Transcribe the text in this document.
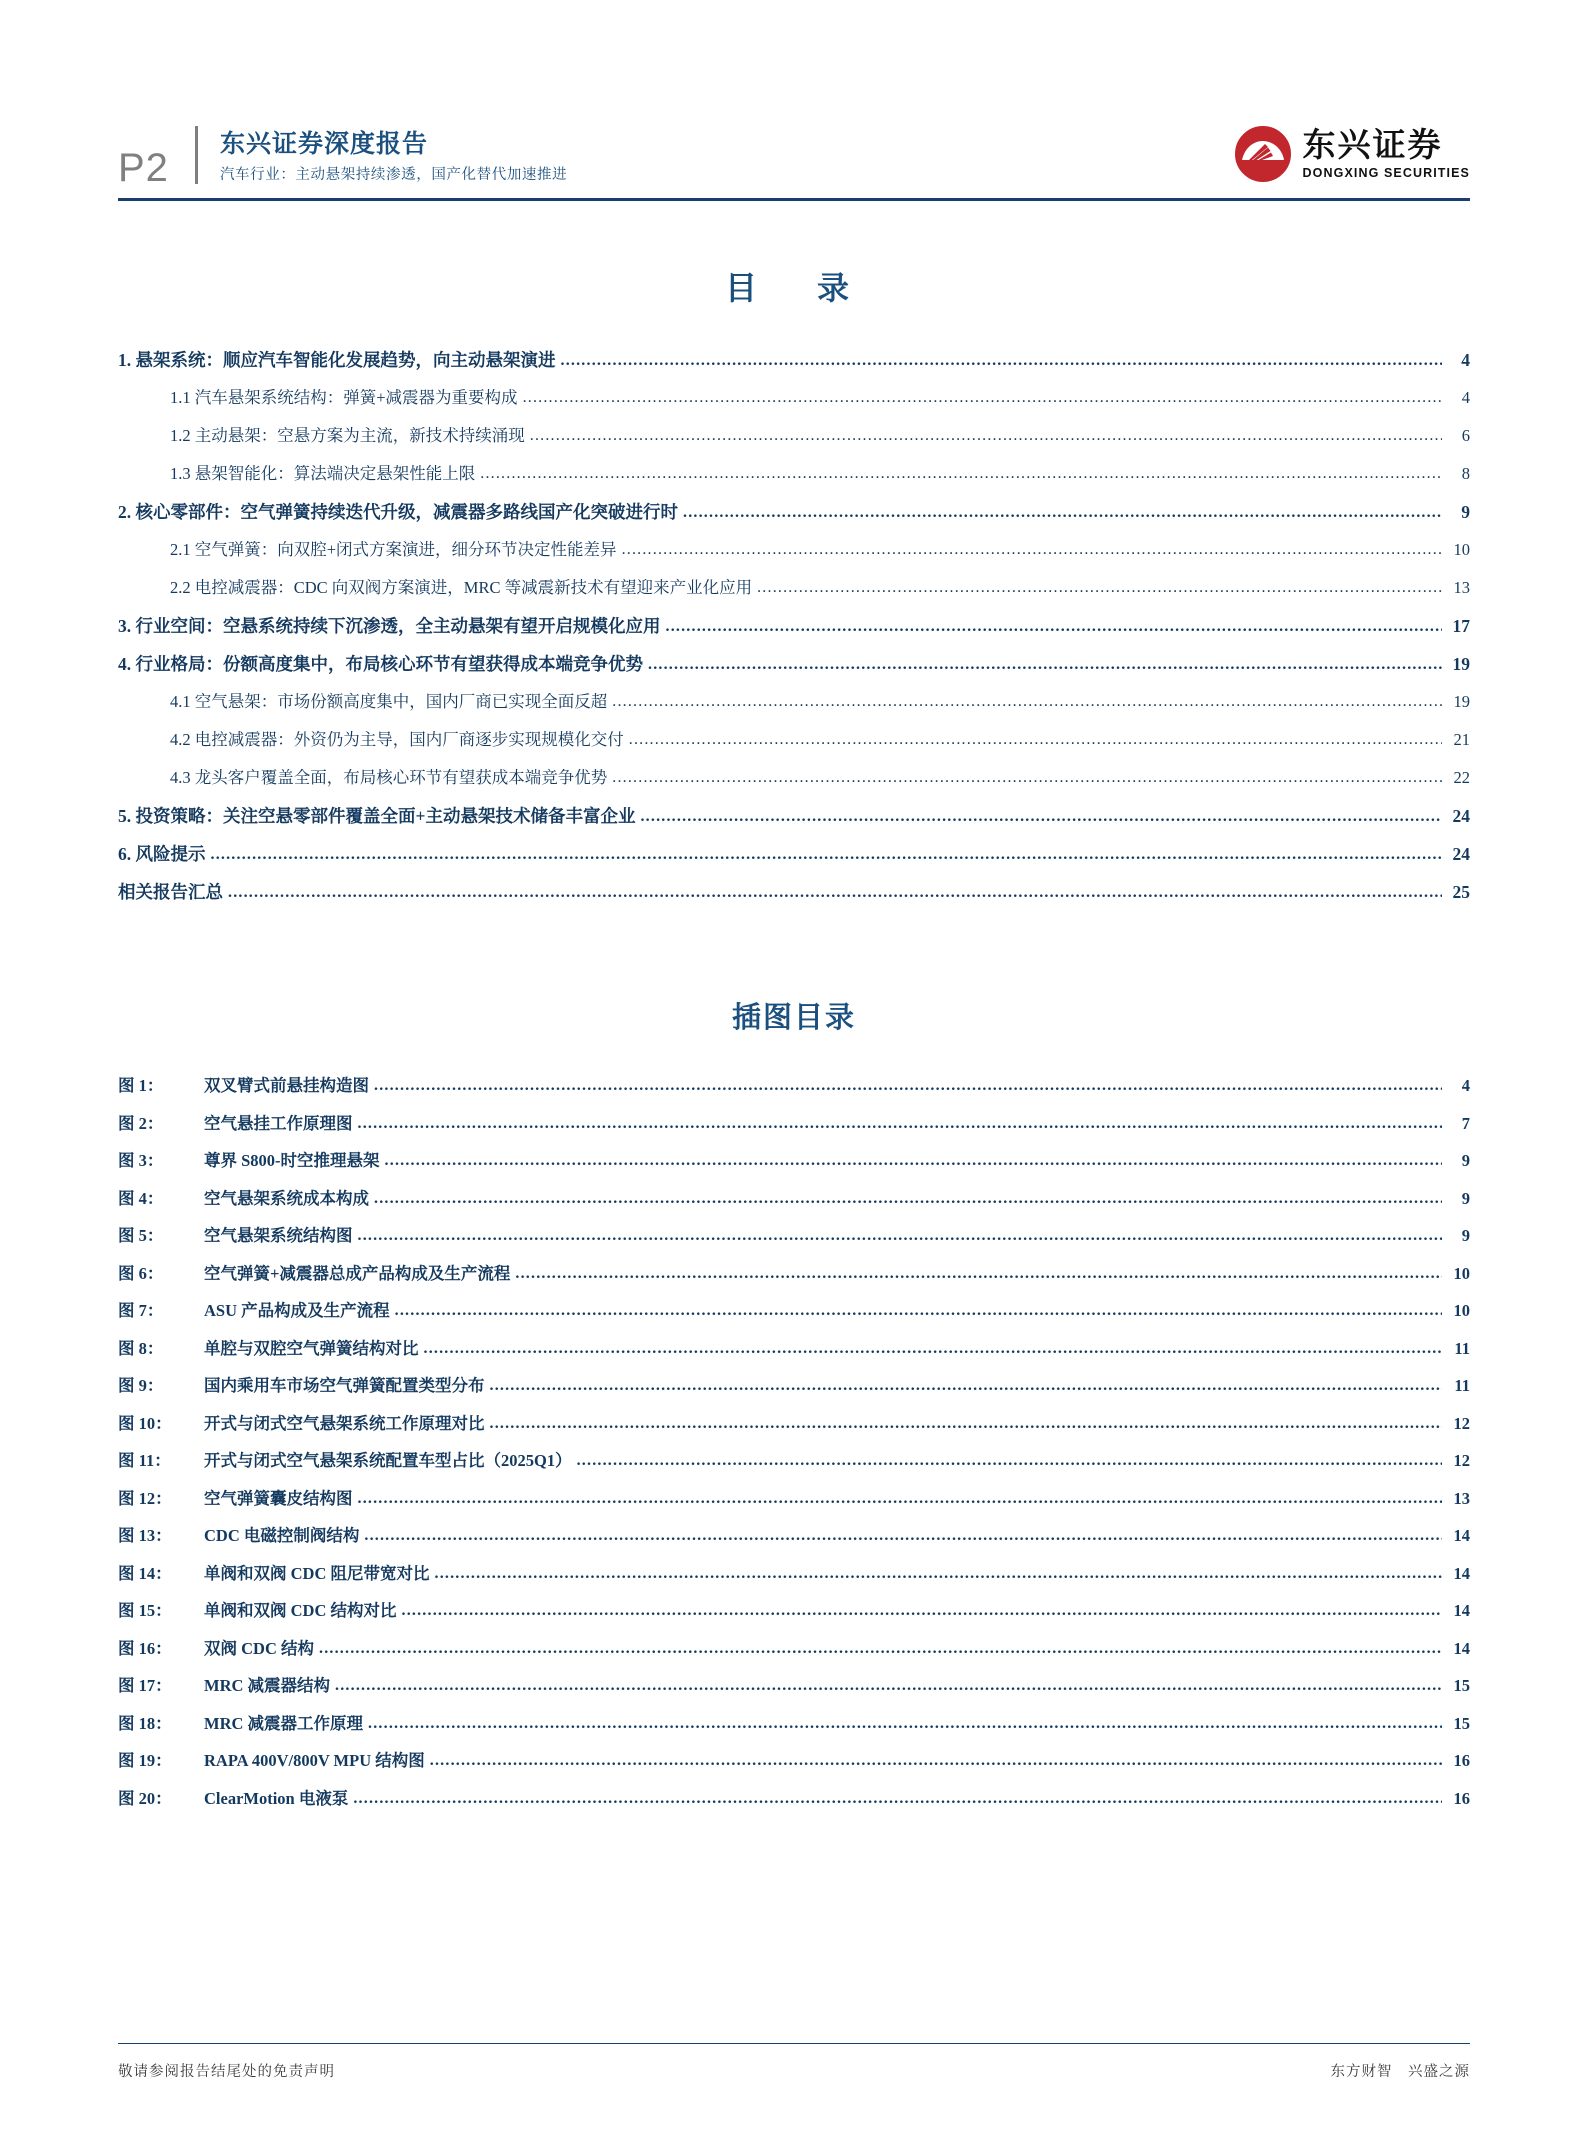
P2
东兴证券深度报告
汽车行业：主动悬架持续渗透，国产化替代加速推进
东兴证券
DONGXING SECURITIES
目　录
1. 悬架系统：顺应汽车智能化发展趋势，向主动悬架演进 .....	4
1.1 汽车悬架系统结构：弹簧+减震器为重要构成 .....	4
1.2 主动悬架：空悬方案为主流，新技术持续涌现 .....	6
1.3 悬架智能化：算法端决定悬架性能上限 .....	8
2. 核心零部件：空气弹簧持续迭代升级，减震器多路线国产化突破进行时 .....	9
2.1 空气弹簧：向双腔+闭式方案演进，细分环节决定性能差异 .....	10
2.2 电控减震器：CDC 向双阀方案演进，MRC 等减震新技术有望迎来产业化应用 .....	13
3. 行业空间：空悬系统持续下沉渗透，全主动悬架有望开启规模化应用 .....	17
4. 行业格局：份额高度集中，布局核心环节有望获得成本端竞争优势 .....	19
4.1 空气悬架：市场份额高度集中，国内厂商已实现全面反超 .....	19
4.2 电控减震器：外资仍为主导，国内厂商逐步实现规模化交付 .....	21
4.3 龙头客户覆盖全面，布局核心环节有望获成本端竞争优势 .....	22
5. 投资策略：关注空悬零部件覆盖全面+主动悬架技术储备丰富企业 .....	24
6. 风险提示 .....	24
相关报告汇总 .....	25
插图目录
图 1：	双叉臂式前悬挂构造图 .....	4
图 2：	空气悬挂工作原理图 .....	7
图 3：	尊界 S800-时空推理悬架 .....	9
图 4：	空气悬架系统成本构成 .....	9
图 5：	空气悬架系统结构图 .....	9
图 6：	空气弹簧+减震器总成产品构成及生产流程 .....	10
图 7：	ASU 产品构成及生产流程 .....	10
图 8：	单腔与双腔空气弹簧结构对比 .....	11
图 9：	国内乘用车市场空气弹簧配置类型分布 .....	11
图 10：	开式与闭式空气悬架系统工作原理对比 .....	12
图 11：	开式与闭式空气悬架系统配置车型占比（2025Q1） .....	12
图 12：	空气弹簧囊皮结构图 .....	13
图 13：	CDC 电磁控制阀结构 .....	14
图 14：	单阀和双阀 CDC 阻尼带宽对比 .....	14
图 15：	单阀和双阀 CDC 结构对比 .....	14
图 16：	双阀 CDC 结构 .....	14
图 17：	MRC 减震器结构 .....	15
图 18：	MRC 减震器工作原理 .....	15
图 19：	RAPA 400V/800V MPU 结构图 .....	16
图 20：	ClearMotion 电液泵 .....	16
敬请参阅报告结尾处的免责声明	东方财智　兴盛之源
